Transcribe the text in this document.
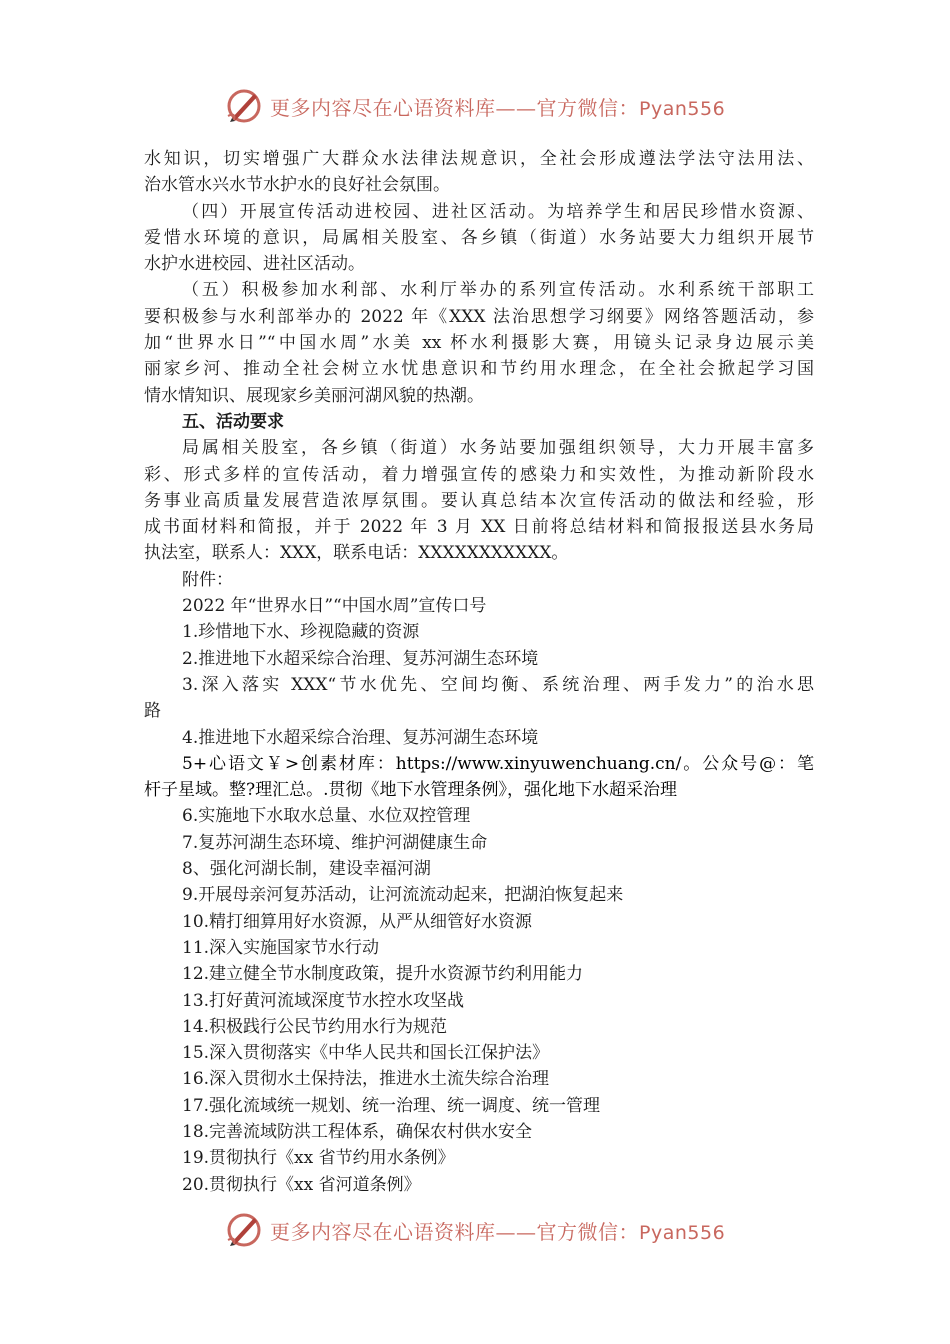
更多内容尽在心语资料库——官方微信：Pyan556
水知识，切实增强广大群众水法律法规意识，全社会形成遵法学法守法用法、
治水管水兴水节水护水的良好社会氛围。
（四）开展宣传活动进校园、进社区活动。为培养学生和居民珍惜水资源、
爱惜水环境的意识，局属相关股室、各乡镇（街道）水务站要大力组织开展节
水护水进校园、进社区活动。
（五）积极参加水利部、水利厅举办的系列宣传活动。水利系统干部职工
要积极参与水利部举办的 2022 年《XXX 法治思想学习纲要》网络答题活动，参
加“世界水日”“中国水周”水美 xx 杯水利摄影大赛，用镜头记录身边展示美
丽家乡河、推动全社会树立水忧患意识和节约用水理念，在全社会掀起学习国
情水情知识、展现家乡美丽河湖风貌的热潮。
五、活动要求
局属相关股室，各乡镇（街道）水务站要加强组织领导，大力开展丰富多
彩、形式多样的宣传活动，着力增强宣传的感染力和实效性，为推动新阶段水
务事业高质量发展营造浓厚氛围。要认真总结本次宣传活动的做法和经验，形
成书面材料和简报，并于 2022 年 3 月 XX 日前将总结材料和简报报送县水务局
执法室，联系人：XXX，联系电话：XXXXXXXXXXX。
附件：
2022 年“世界水日”“中国水周”宣传口号
1.珍惜地下水、珍视隐藏的资源
2.推进地下水超采综合治理、复苏河湖生态环境
3.深入落实 XXX“节水优先、空间均衡、系统治理、两手发力”的治水思
路
4.推进地下水超采综合治理、复苏河湖生态环境
5+心语文￥>创素材库：https://www.xinyuwenchuang.cn/。公众号@：笔
杆子星域。整?理汇总。.贯彻《地下水管理条例》，强化地下水超采治理
6.实施地下水取水总量、水位双控管理
7.复苏河湖生态环境、维护河湖健康生命
8、强化河湖长制，建设幸福河湖
9.开展母亲河复苏活动，让河流流动起来，把湖泊恢复起来
10.精打细算用好水资源，从严从细管好水资源
11.深入实施国家节水行动
12.建立健全节水制度政策，提升水资源节约利用能力
13.打好黄河流域深度节水控水攻坚战
14.积极践行公民节约用水行为规范
15.深入贯彻落实《中华人民共和国长江保护法》
16.深入贯彻水土保持法，推进水土流失综合治理
17.强化流域统一规划、统一治理、统一调度、统一管理
18.完善流域防洪工程体系，确保农村供水安全
19.贯彻执行《xx 省节约用水条例》
20.贯彻执行《xx 省河道条例》
更多内容尽在心语资料库——官方微信：Pyan556
